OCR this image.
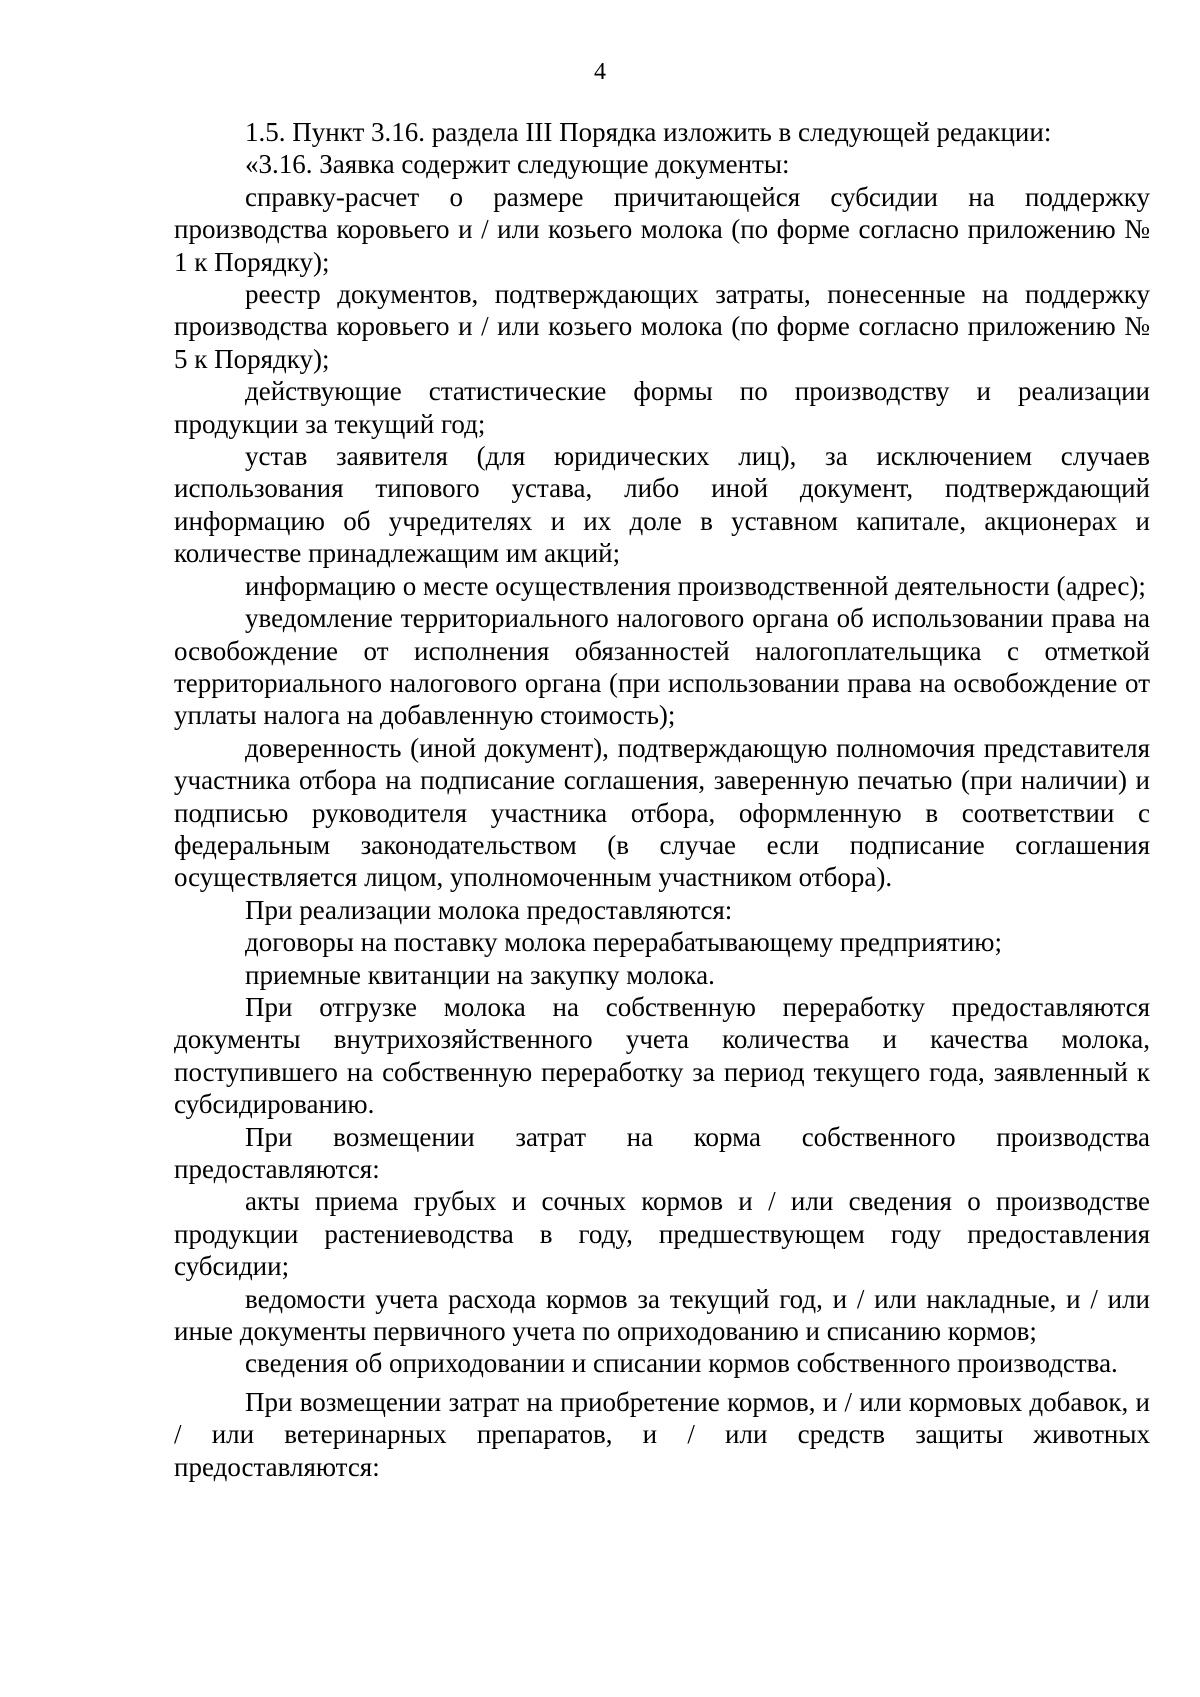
4

1.5. Пункт 3.16. раздела III Порядка изложить в следующей редакции:

«3.16. Заявка содержит следующие документы:

справку-расчет о размере причитающейся субсидии на поддержку производства коровьего и / или козьего молока (по форме согласно приложению № 1 к Порядку);

реестр документов, подтверждающих затраты, понесенные на поддержку производства коровьего и / или козьего молока (по форме согласно приложению № 5 к Порядку);

действующие статистические формы по производству и реализации продукции за текущий год;

устав заявителя (для юридических лиц), за исключением случаев использования типового устава, либо иной документ, подтверждающий информацию об учредителях и их доле в уставном капитале, акционерах и количестве принадлежащим им акций;

информацию о месте осуществления производственной деятельности (адрес);

уведомление территориального налогового органа об использовании права на освобождение от исполнения обязанностей налогоплательщика с отметкой территориального налогового органа (при использовании права на освобождение от уплаты налога на добавленную стоимость);

доверенность (иной документ), подтверждающую полномочия представителя участника отбора на подписание соглашения, заверенную печатью (при наличии) и подписью руководителя участника отбора, оформленную в соответствии с федеральным законодательством (в случае если подписание соглашения осуществляется лицом, уполномоченным участником отбора).

При реализации молока предоставляются:

договоры на поставку молока перерабатывающему предприятию;

приемные квитанции на закупку молока.

При отгрузке молока на собственную переработку предоставляются документы внутрихозяйственного учета количества и качества молока, поступившего на собственную переработку за период текущего года, заявленный к субсидированию.

При возмещении затрат на корма собственного производства предоставляются:

акты приема грубых и сочных кормов и / или сведения о производстве продукции растениеводства в году, предшествующем году предоставления субсидии;

ведомости учета расхода кормов за текущий год, и / или накладные, и / или иные документы первичного учета по оприходованию и списанию кормов;

сведения об оприходовании и списании кормов собственного производства.

При возмещении затрат на приобретение кормов, и / или кормовых добавок, и / или ветеринарных препаратов, и / или средств защиты животных предоставляются:
